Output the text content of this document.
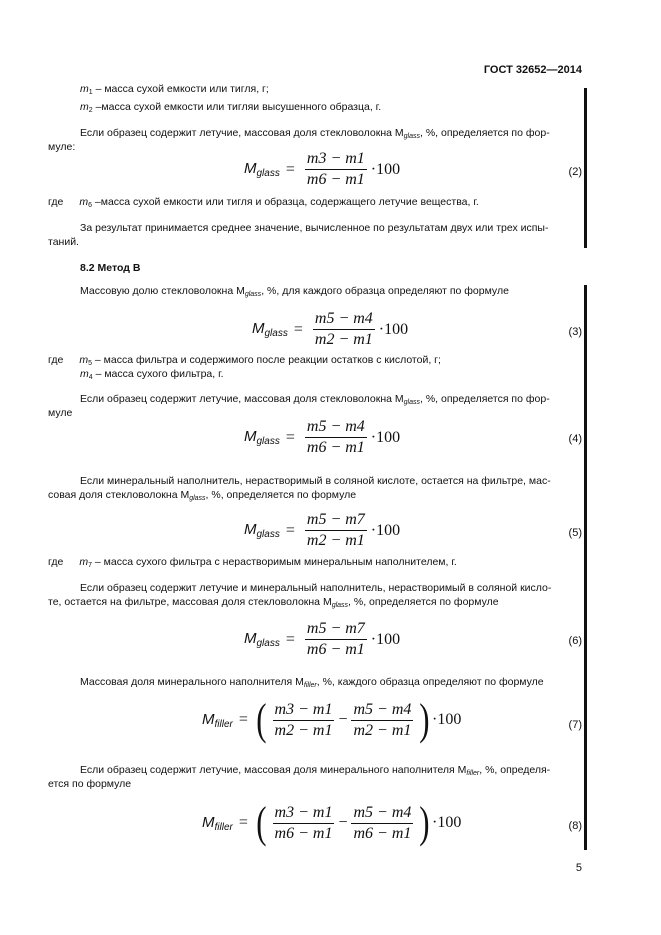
ГОСТ 32652—2014
$m_1$ – масса сухой емкости или тигля, г;
$m_2$ –масса сухой емкости или тигляи высушенного образца, г.
Если образец содержит летучие, массовая доля стекловолокна Mglass, %, определяется по фор-
муле:
$M_{glass} = \frac{m3 - m1}{m6 - m1} \cdot 100$	(2)
где $m_6$ –масса сухой емкости или тигля и образца, содержащего летучие вещества, г.
За результат принимается среднее значение, вычисленное по результатам двух или трех испы-
таний.
8.2 Метод В
Массовую долю стекловолокна Mglass, %, для каждого образца определяют по формуле
$M_{glass} = \frac{m5 - m4}{m2 - m1} \cdot 100$	(3)
где $m_5$ – масса фильтра и содержимого после реакции остатков с кислотой, г;
$m_4$ – масса сухого фильтра, г.
Если образец содержит летучие, массовая доля стекловолокна Mglass, %, определяется по фор-
муле
$M_{glass} = \frac{m5 - m4}{m6 - m1} \cdot 100$	(4)
Если минеральный наполнитель, нерастворимый в соляной кислоте, остается на фильтре, мас-
совая доля стекловолокна Mglass, %, определяется по формуле
$M_{glass} = \frac{m5 - m7}{m2 - m1} \cdot 100$	(5)
где $m_7$ – масса сухого фильтра с нерастворимым минеральным наполнителем, г.
Если образец содержит летучие и минеральный наполнитель, нерастворимый в соляной кисло-
те, остается на фильтре, массовая доля стекловолокна Mglass, %, определяется по формуле
$M_{glass} = \frac{m5 - m7}{m6 - m1} \cdot 100$	(6)
Массовая доля минерального наполнителя Mfiller, %, каждого образца определяют по формуле
$M_{filler}$ = ( $\frac{m3 - m1}{m2 - m1} - \frac{m5 - m4}{m2 - m1}$ ) ·100	(7)
Если образец содержит летучие, массовая доля минерального наполнителя Mfiller, %, определя-
ется по формуле
$M_{filler}$ = ( $\frac{m3 - m1}{m6 - m1} - \frac{m5 - m4}{m6 - m1}$ ) ·100	(8)
5
